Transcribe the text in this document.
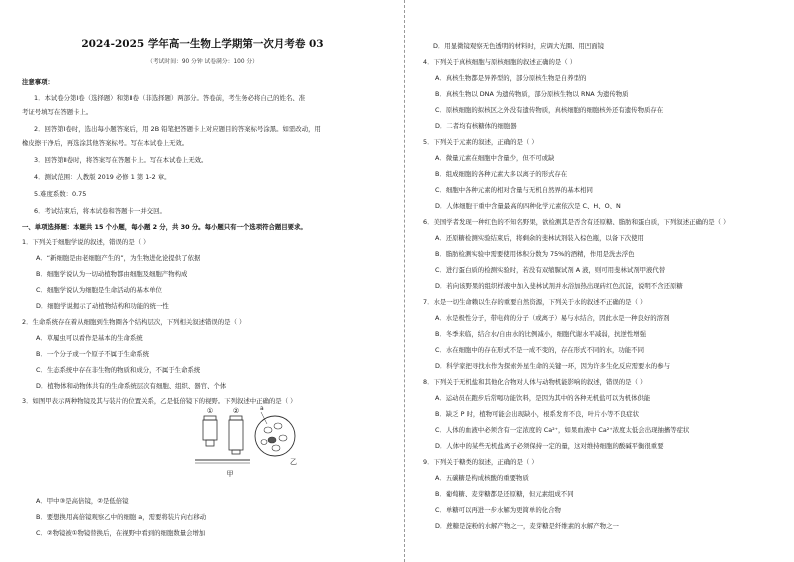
2024-2025 学年高一生物上学期第一次月考卷 03
（考试时间：90 分钟 试卷满分：100 分）
注意事项：
1．本试卷分第Ⅰ卷（选择题）和第Ⅱ卷（非选择题）两部分。答卷前，考生务必将自己的姓名、准
考证号填写在答题卡上。
2．回答第Ⅰ卷时，选出每小题答案后，用 2B 铅笔把答题卡上对应题目的答案标号涂黑。如需改动，用
橡皮擦干净后，再选涂其他答案标号。写在本试卷上无效。
3．回答第Ⅱ卷时，将答案写在答题卡上。写在本试卷上无效。
4．测试范围：人教版 2019 必修 1 第 1-2 章。
5.难度系数：0.75
6．考试结束后，将本试卷和答题卡一并交回。
一、单项选择题：本题共 15 个小题，每小题 2 分，共 30 分。每小题只有一个选项符合题目要求。
1．下列关于细胞学说的叙述，错误的是（ ）
A．“新细胞是由老细胞产生的”，为生物进化论提供了依据
B．细胞学说认为一切动植物都由细胞及细胞产物构成
C．细胞学说认为细胞是生命活动的基本单位
D．细胞学说揭示了动植物结构和功能的统一性
2．生命系统存在着从细胞到生物圈各个结构层次，下列相关叙述错误的是（ ）
A．草履虫可以看作是基本的生命系统
B．一个分子或一个原子不属于生命系统
C．生态系统中存在非生物的物质和成分，不属于生命系统
D．植物体和动物体共有的生命系统层次有细胞、组织、器官、个体
3．如图甲表示两种物镜及其与装片的位置关系，乙是低倍镜下的视野。下列叙述中正确的是（ ）
①	②
甲
a
乙
A．甲中③是高倍镜，②是低倍镜
B．要想换用高倍镜观察乙中的细胞 a，需要将装片向右移动
C．②物镜被①物镜替换后，在视野中看到的细胞数量会增加
D．用显微镜观察无色透明的材料时，应调大光圈、用凹面镜
4．下列关于真核细胞与原核细胞的叙述正确的是（ ）
A．真核生物都是异养型的，部分原核生物是自养型的
B．真核生物以 DNA 为遗传物质，部分原核生物以 RNA 为遗传物质
C．原核细胞的拟核区之外没有遗传物质，真核细胞的细胞核外还有遗传物质存在
D．二者均有核糖体的细胞器
5．下列关于元素的叙述，正确的是（ ）
A．微量元素在细胞中含量少，但不可或缺
B．组成细胞的各种元素大多以离子的形式存在
C．细胞中各种元素的相对含量与无机自然界的基本相同
D．人体细胞干重中含量最高的四种化学元素依次是 C、H、O、N
6．美国学者发现一种红色的不知名野果，欲检测其是否含有还原糖、脂肪和蛋白质，下列叙述正确的是（ ）
A．还原糖检测实验结束后，将剩余的斐林试剂装入棕色瓶，以备下次使用
B．脂肪检测实验中需要使用体积分数为 75%的酒精，作用是洗去浮色
C．进行蛋白质的检测实验时，若没有双缩脲试剂 A 液，则可用斐林试剂甲液代替
D．若向该野果的组织样液中加入斐林试剂并水浴加热出现砖红色沉淀，说明不含还原糖
7．水是一切生命赖以生存的重要自然资源，下列关于水的叙述不正确的是（ ）
A．水是极性分子，带电荷的分子（或离子）易与水结合，因此水是一种良好的溶剂
B．冬季来临，结合水/自由水的比例减小，细胞代谢水平减弱，抗逆性增强
C．水在细胞中的存在形式不是一成不变的，存在形式不同的水，功能不同
D．科学家把寻找水作为探索外星生命的关键一环，因为许多生化反应需要水的参与
8．下列关于无机盐和其他化合物对人体与动物机能影响的叙述，错误的是（ ）
A．运动员在跑步后常喝功能饮料，是因为其中的各种无机盐可以为机体供能
B．缺乏 P 时，植物可能会出现缺小，根系发育不良，叶片小等不良症状
C．人体的血液中必须含有一定浓度的 Ca²⁺，如果血液中 Ca²⁺浓度太低会出现抽搐等症状
D．人体中的某些无机盐离子必须保持一定的量，这对维持细胞的酸碱平衡很重要
9．下列关于糖类的叙述，正确的是（ ）
A．五碳糖是构成核酸的重要物质
B．葡萄糖、麦芽糖都是还原糖，但元素组成不同
C．单糖可以再进一步水解为更简单的化合物
D．蔗糖是淀粉的水解产物之一，麦芽糖是纤维素的水解产物之一
